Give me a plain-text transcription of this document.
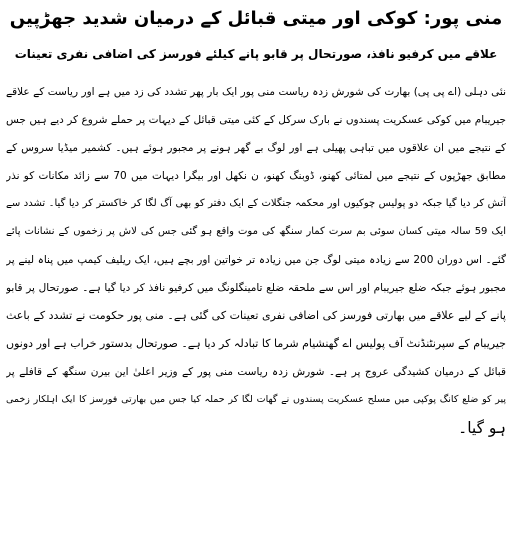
منی پور: کوکی اور میتی قبائل کے درمیان شدید جھڑپیں
علاقے میں کرفیو نافذ، صورتحال پر قابو پانے کیلئے فورسز کی اضافی نفری تعینات
نئی دہلی (اے پی پی) بھارت کی شورش زدہ ریاست منی پور ایک بار پھر تشدد کی زد میں ہے اور ریاست کے علاقے
جیریبام میں کوکی عسکریت پسندوں نے بارک سرکل کے کئی میتی قبائل کے دیہات پر حملے شروع کر دیے ہیں جس
کے نتیجے میں ان علاقوں میں تباہی پھیلی ہے اور لوگ بے گھر ہونے پر مجبور ہوئے ہیں۔ کشمیر میڈیا سروس کے
مطابق جھڑپوں کے نتیجے میں لمتائی کھنو، ڈوبنگ کھنو، ن نکھل اور بیگرا دیہات میں 70 سے زائد مکانات کو نذر
آتش کر دیا گیا جبکہ دو پولیس چوکیوں اور محکمہ جنگلات کے ایک دفتر کو بھی آگ لگا کر خاکستر کر دیا گیا۔ تشدد سے
ایک 59 سالہ میتی کسان سوئی بم سرت کمار سنگھ کی موت واقع ہو گئی جس کی لاش پر زخموں کے نشانات پائے
گئے۔ اس دوران 200 سے زیادہ میتی لوگ جن میں زیادہ تر خواتین اور بچے ہیں، ایک ریلیف کیمپ میں پناہ لینے پر
مجبور ہوئے جبکہ ضلع جیریبام اور اس سے ملحقہ ضلع تامینگلونگ میں کرفیو نافذ کر دیا گیا ہے۔ صورتحال پر قابو
پانے کے لیے علاقے میں بھارتی فورسز کی اضافی نفری تعینات کی گئی ہے۔ منی پور حکومت نے تشدد کے باعث
جیریبام کے سپرنٹنڈنٹ آف پولیس اے گھنشیام شرما کا تبادلہ کر دیا ہے۔ صورتحال بدستور خراب ہے اور دونوں
قبائل کے درمیان کشیدگی عروج پر ہے۔ شورش زدہ ریاست منی پور کے وزیر اعلیٰ این بیرن سنگھ کے قافلے پر
پیر کو ضلع کانگ پوکپی میں مسلح عسکریت پسندوں نے گھات لگا کر حملہ کیا جس میں بھارتی فورسز کا ایک اہلکار زخمی
ہو گیا۔
